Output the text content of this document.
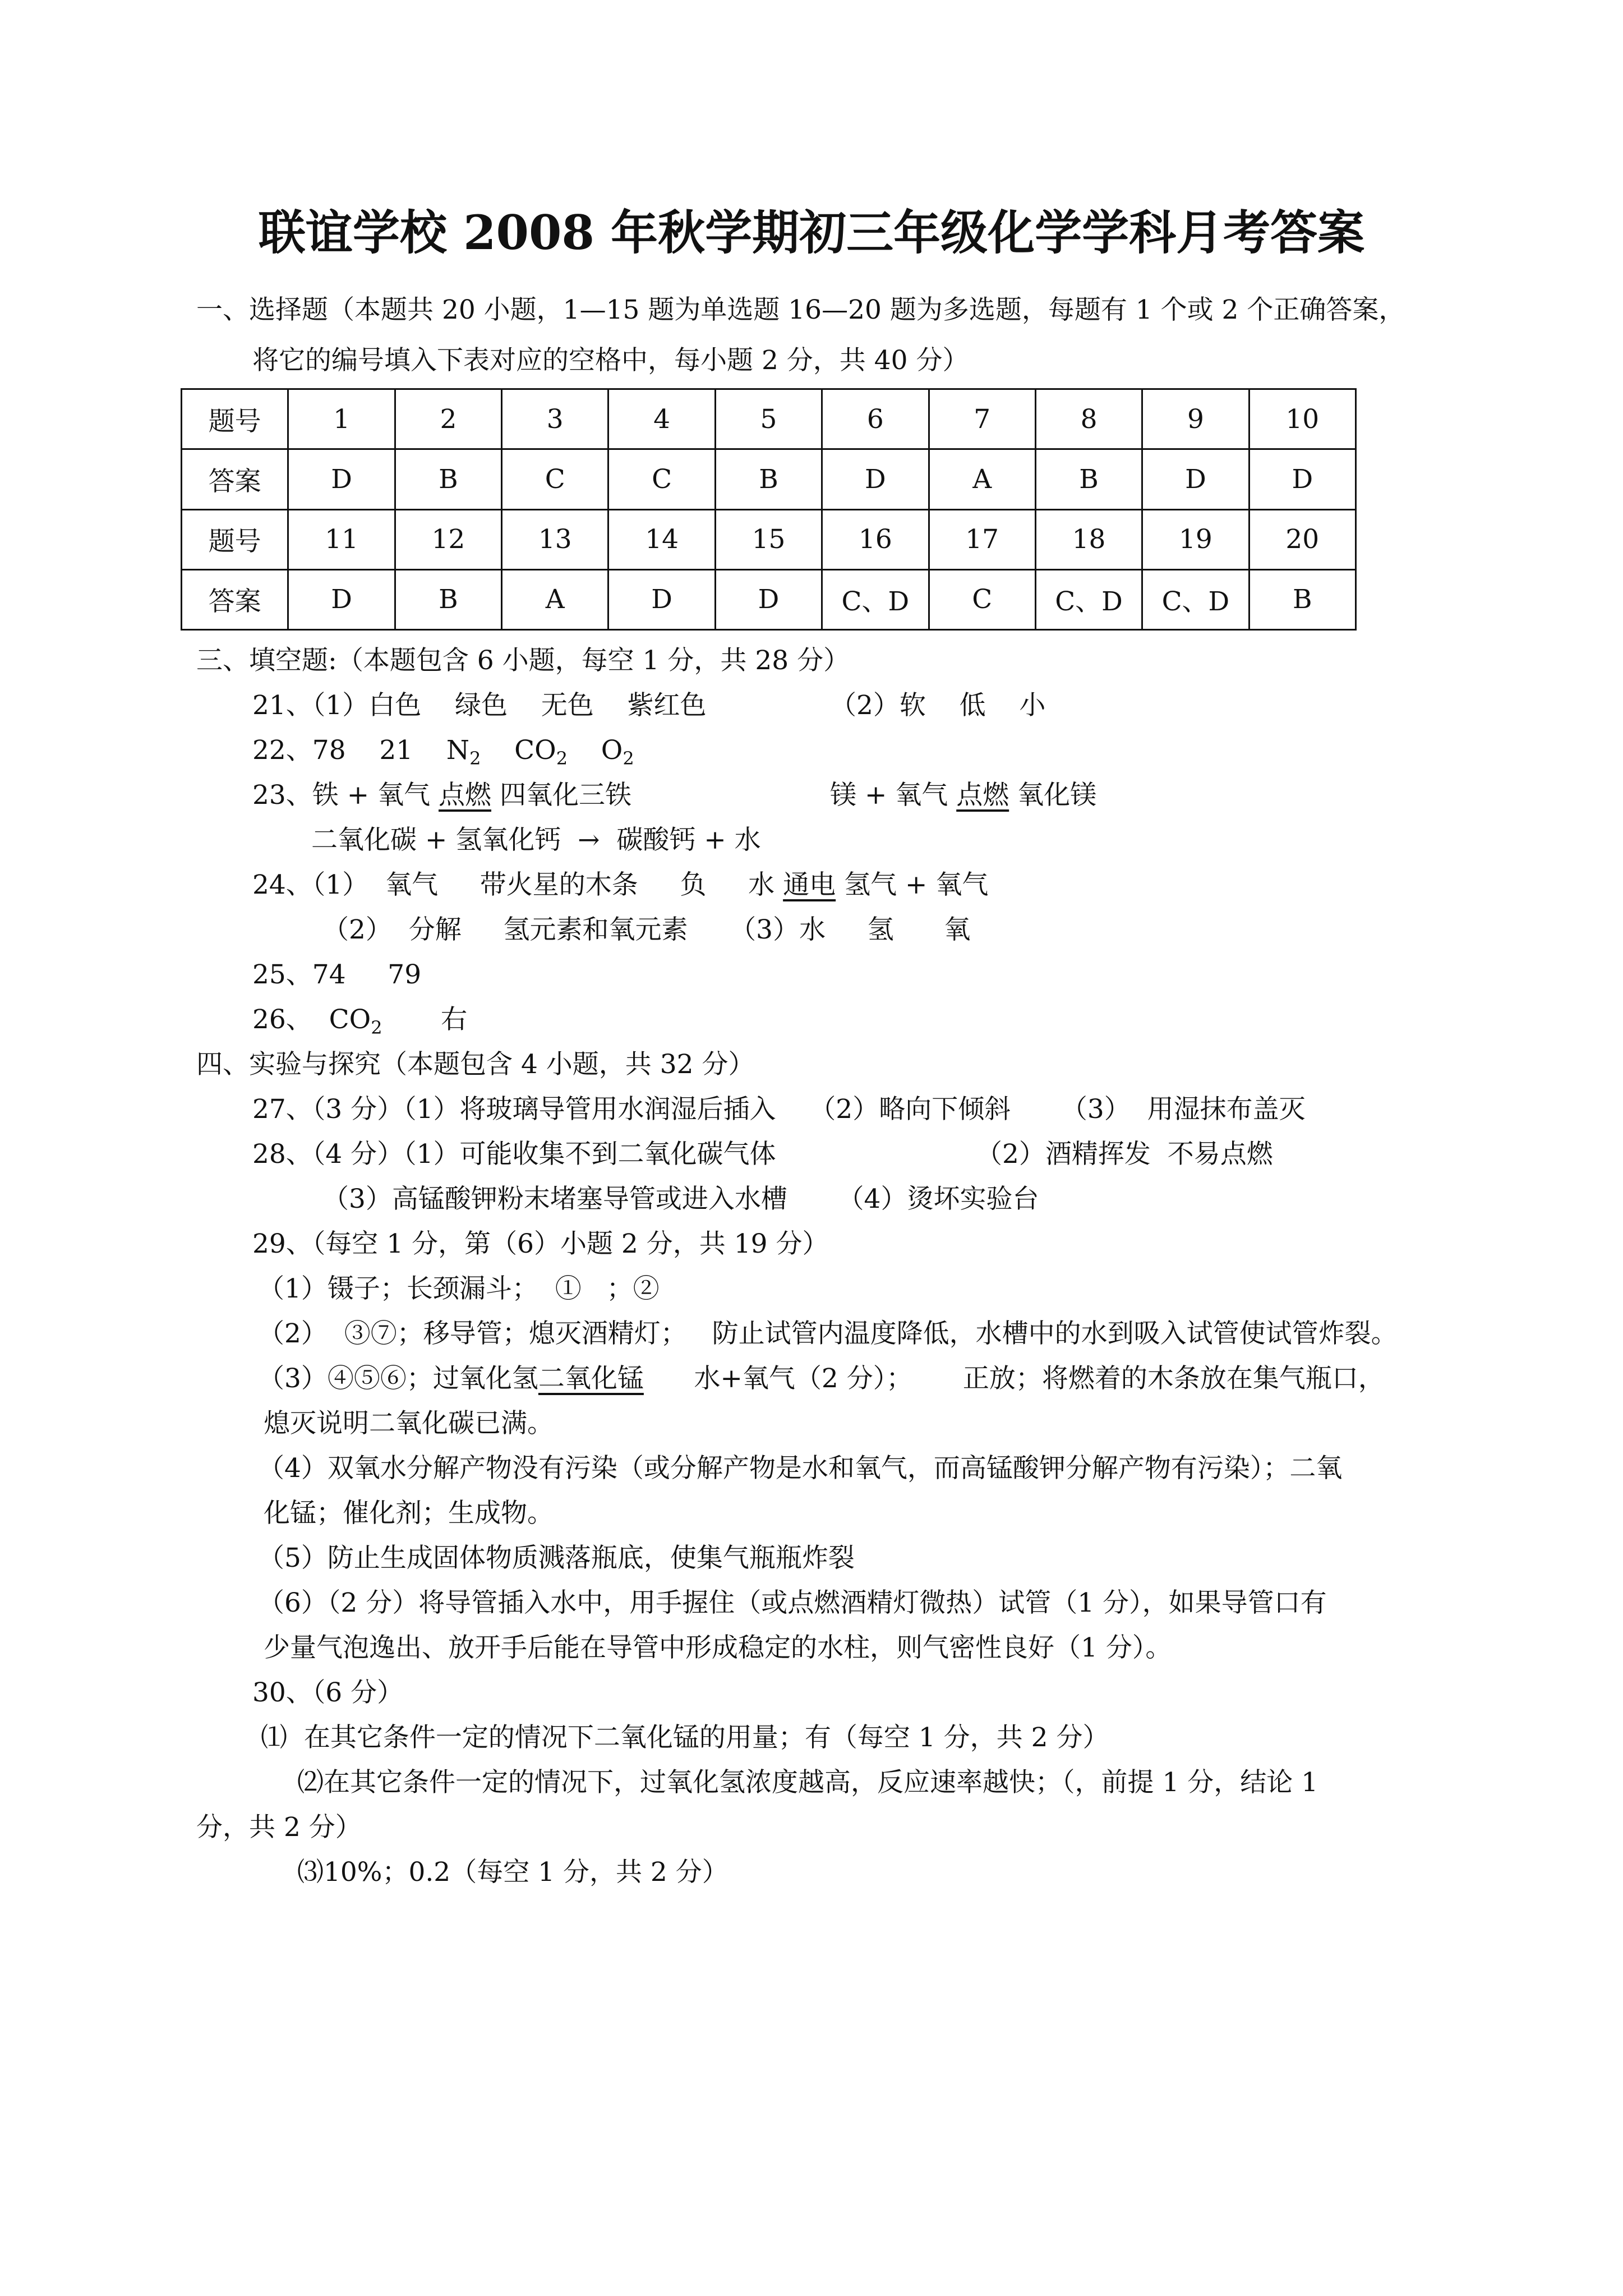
联谊学校 2008 年秋学期初三年级化学学科月考答案
一、选择题（本题共 20 小题，1—15 题为单选题 16—20 题为多选题，每题有 1 个或 2 个正确答案，
将它的编号填入下表对应的空格中，每小题 2 分，共 40 分）
题号	1	2	3	4	5	6	7	8	9	10
答案	D	B	C	C	B	D	A	B	D	D
题号	11	12	13	14	15	16	17	18	19	20
答案	D	B	A	D	D	C、D	C	C、D	C、D	B
三、填空题:（本题包含 6 小题，每空 1 分，共 28 分）
21、（1）白色    绿色    无色    紫红色	（2）软    低    小
22、78    21    $N_2$    $CO_2$    $O_2$
23、铁 + 氧气 点燃 四氧化三铁	镁 + 氧气 点燃 氧化镁
二氧化碳 + 氢氧化钙  →  碳酸钙 + 水
24、（1）  氧气     带火星的木条     负     水 通电 氢气 + 氧气
（2）  分解     氢元素和氧元素     （3）水     氢      氧
25、74     79
26、  $CO_2$       右
四、实验与探究（本题包含 4 小题，共 32 分）
27、（3 分）（1）将玻璃导管用水润湿后插入    （2）略向下倾斜      （3）  用湿抹布盖灭
28、（4 分）（1）可能收集不到二氧化碳气体	（2）酒精挥发  不易点燃
（3）高锰酸钾粉末堵塞导管或进入水槽      （4）烫坏实验台
29、（每空 1 分，第（6）小题 2 分，共 19 分）
（1）镊子；长颈漏斗；  ①   ；②
（2）  ③⑦；移导管；熄灭酒精灯；   防止试管内温度降低，水槽中的水到吸入试管使试管炸裂。
（3）④⑤⑥；过氧化氢二氧化锰      水+氧气（2 分）；      正放；将燃着的木条放在集气瓶口，
熄灭说明二氧化碳已满。
（4）双氧水分解产物没有污染（或分解产物是水和氧气，而高锰酸钾分解产物有污染）；二氧
化锰；催化剂；生成物。
（5）防止生成固体物质溅落瓶底，使集气瓶瓶炸裂
（6）（2 分）将导管插入水中，用手握住（或点燃酒精灯微热）试管（1 分），如果导管口有
少量气泡逸出、放开手后能在导管中形成稳定的水柱，则气密性良好（1 分）。
30、（6 分）
⑴  在其它条件一定的情况下二氧化锰的用量；有（每空 1 分，共 2 分）
⑵在其它条件一定的情况下，过氧化氢浓度越高，反应速率越快；（，前提 1 分，结论 1
分，共 2 分）
⑶10%；0.2（每空 1 分，共 2 分）
